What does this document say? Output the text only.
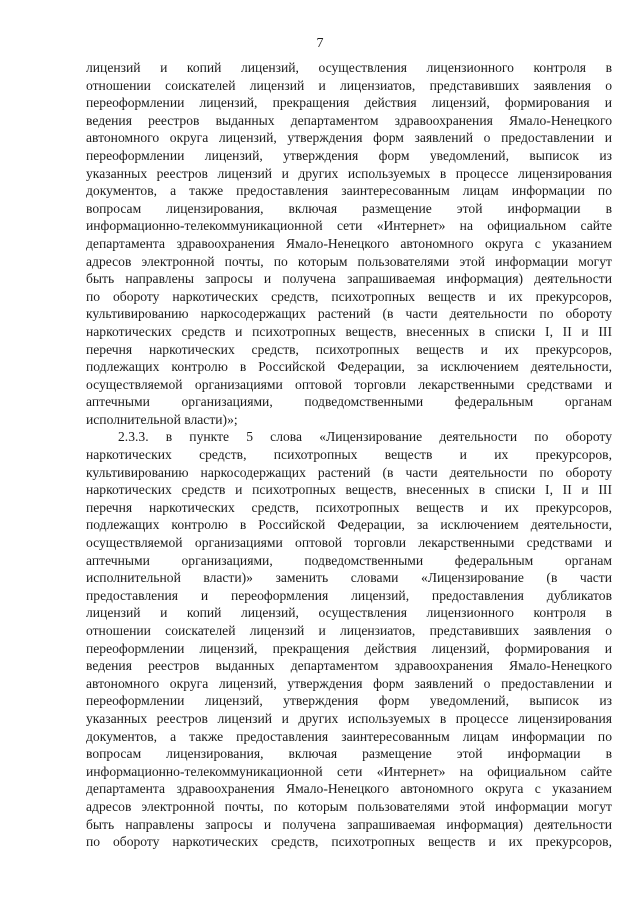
7
лицензий и копий лицензий, осуществления лицензионного контроля в
отношении соискателей лицензий и лицензиатов, представивших заявления о
переоформлении лицензий, прекращения действия лицензий, формирования и
ведения реестров выданных департаментом здравоохранения Ямало-Ненецкого
автономного округа лицензий, утверждения форм заявлений о предоставлении и
переоформлении лицензий, утверждения форм уведомлений, выписок из
указанных реестров лицензий и других используемых в процессе лицензирования
документов, а также предоставления заинтересованным лицам информации по
вопросам лицензирования, включая размещение этой информации в
информационно-телекоммуникационной сети «Интернет» на официальном сайте
департамента здравоохранения Ямало-Ненецкого автономного округа с указанием
адресов электронной почты, по которым пользователями этой информации могут
быть направлены запросы и получена запрашиваемая информация) деятельности
по обороту наркотических средств, психотропных веществ и их прекурсоров,
культивированию наркосодержащих растений (в части деятельности по обороту
наркотических средств и психотропных веществ, внесенных в списки I, II и III
перечня наркотических средств, психотропных веществ и их прекурсоров,
подлежащих контролю в Российской Федерации, за исключением деятельности,
осуществляемой организациями оптовой торговли лекарственными средствами и
аптечными организациями, подведомственными федеральным органам
исполнительной власти)»;
2.3.3. в пункте 5 слова «Лицензирование деятельности по обороту
наркотических средств, психотропных веществ и их прекурсоров,
культивированию наркосодержащих растений (в части деятельности по обороту
наркотических средств и психотропных веществ, внесенных в списки I, II и III
перечня наркотических средств, психотропных веществ и их прекурсоров,
подлежащих контролю в Российской Федерации, за исключением деятельности,
осуществляемой организациями оптовой торговли лекарственными средствами и
аптечными организациями, подведомственными федеральным органам
исполнительной власти)» заменить словами «Лицензирование (в части
предоставления и переоформления лицензий, предоставления дубликатов
лицензий и копий лицензий, осуществления лицензионного контроля в
отношении соискателей лицензий и лицензиатов, представивших заявления о
переоформлении лицензий, прекращения действия лицензий, формирования и
ведения реестров выданных департаментом здравоохранения Ямало-Ненецкого
автономного округа лицензий, утверждения форм заявлений о предоставлении и
переоформлении лицензий, утверждения форм уведомлений, выписок из
указанных реестров лицензий и других используемых в процессе лицензирования
документов, а также предоставления заинтересованным лицам информации по
вопросам лицензирования, включая размещение этой информации в
информационно-телекоммуникационной сети «Интернет» на официальном сайте
департамента здравоохранения Ямало-Ненецкого автономного округа с указанием
адресов электронной почты, по которым пользователями этой информации могут
быть направлены запросы и получена запрашиваемая информация) деятельности
по обороту наркотических средств, психотропных веществ и их прекурсоров,
